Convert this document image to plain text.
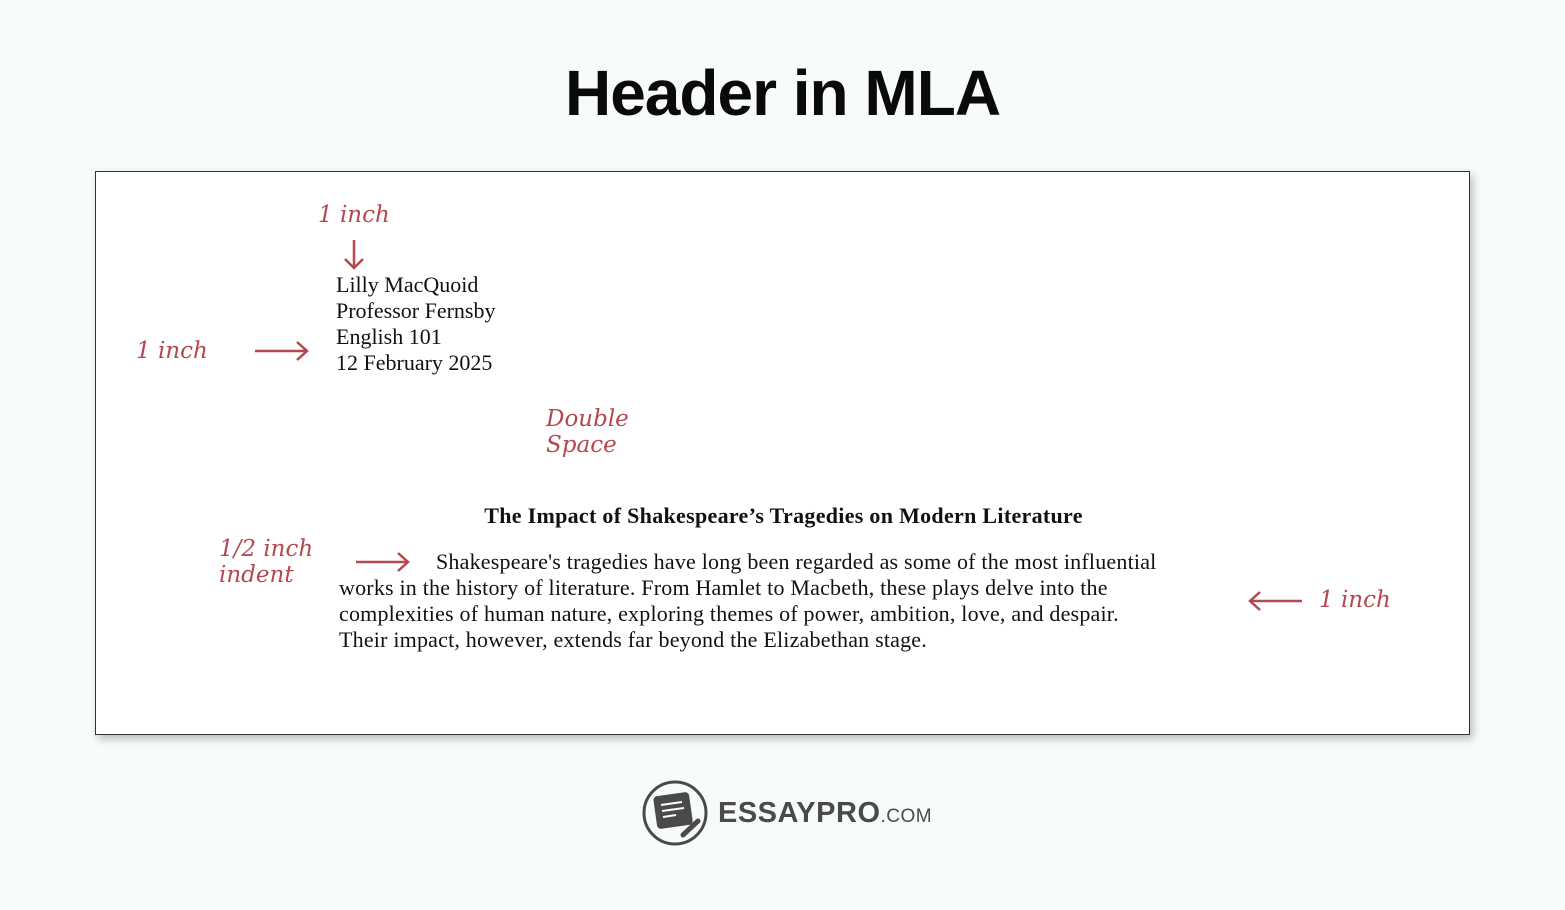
Header in MLA
Lilly MacQuoid
Professor Fernsby
English 101
12 February 2025
The Impact of Shakespeare’s Tragedies on Modern Literature
Shakespeare's tragedies have long been regarded as some of the most influential
works in the history of literature. From Hamlet to Macbeth, these plays delve into the
complexities of human nature, exploring themes of power, ambition, love, and despair.
Their impact, however, extends far beyond the Elizabethan stage.
1 inch
1 inch
Double
Space
1/2 inch
indent
1 inch
ESSAYPRO.COM
